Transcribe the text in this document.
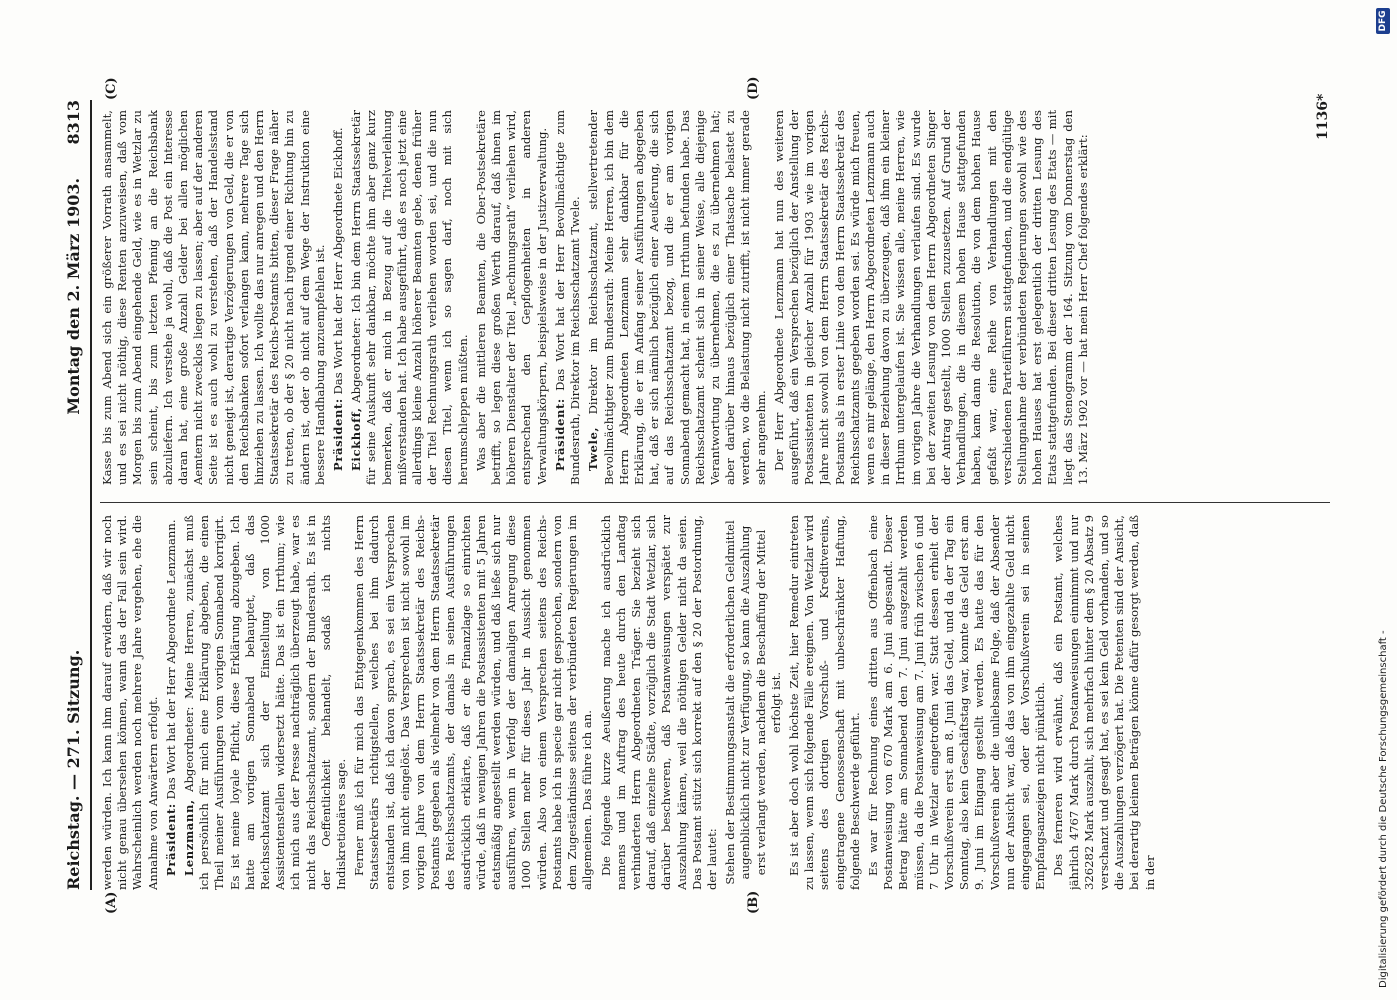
Reichstag. — 271. Sitzung.
Montag den 2. März 1903.      8313
(A)	(B)
(C)	(D)

werden würden. Ich kann ihm darauf erwidern, daß wir noch nicht genau übersehen können, wann das der Fall sein wird. Wahrscheinlich werden noch mehrere Jahre vergehen, ehe die Annahme von Anwärtern erfolgt. Präsident: Das Wort hat der Herr Abgeordnete Lenzmann.

Lenzmann, Abgeordneter: Meine Herren, zunächst muß ich persönlich für mich eine Erklärung abgeben, die einen Theil meiner Ausführungen vom vorigen Sonnabend korrigirt. Es ist meine loyale Pflicht, diese Erklärung abzugeben. Ich hatte am vorigen Sonnabend behauptet, daß das Reichsschatzamt sich der Einstellung von 1000 Assistentenstellen widersetzt hätte. Das ist ein Irrthum; wie ich mich aus der Presse nachträglich überzeugt habe, war es nicht das Reichsschatzamt, sondern der Bundesrath. Es ist in der Oeffentlichkeit behandelt, sodaß ich nichts Indiskretionäres sage. Ferner muß ich für mich das Entgegenkommen des Herrn Staatssekretärs richtigstellen, welches bei ihm dadurch entstanden ist, daß ich davon sprach, es sei ein Versprechen von ihm nicht eingelöst. Das Versprechen ist nicht sowohl im vorigen Jahre von dem Herrn Staatssekretär des Reichs-Postamts gegeben als vielmehr von dem Herrn Staatssekretär des Reichsschatzamts, der damals in seinen Ausführungen ausdrücklich erklärte, daß er die Finanzlage so einrichten würde, daß in wenigen Jahren die Postassistenten mit 5 Jahren etatsmäßig angestellt werden würden, und daß ließe sich nur ausführen, wenn in Verfolg der damaligen Anregung diese 1000 Stellen mehr für dieses Jahr in Aussicht genommen würden. Also von einem Versprechen seitens des Reichs-Postamts habe ich in specie gar nicht gesprochen, sondern von dem Zugeständnisse seitens der verbündeten Regierungen im allgemeinen. Das führe ich an. Die folgende kurze Aeußerung mache ich ausdrücklich namens und im Auftrag des heute durch den Landtag verhinderten Herrn Abgeordneten Träger. Sie bezieht sich darauf, daß einzelne Städte, vorzüglich die Stadt Wetzlar, sich darüber beschweren, daß Postanweisungen verspätet zur Auszahlung kämen, weil die nöthigen Gelder nicht da seien. Das Postamt stützt sich korrekt auf den § 20 der Postordnung, der lautet: Stehen der Bestimmungsanstalt die erforderlichen Geldmittel augenblicklich nicht zur Verfügung, so kann die Auszahlung erst verlangt werden, nachdem die Beschaffung der Mittel erfolgt ist. Es ist aber doch wohl höchste Zeit, hier Remedur eintreten zu lassen, wenn sich folgende Fälle ereignen. Von Wetzlar wird seitens des dortigen Vorschuß- und Kreditvereins, eingetragene Genossenschaft mit unbeschränkter Haftung, folgende Beschwerde geführt. Es war für Rechnung eines dritten aus Offenbach eine Postanweisung von 670 Mark am 6. Juni abgesandt. Dieser Betrag hätte am Sonnabend den 7. Juni ausgezahlt werden müssen, da die Postanweisung am 7. Juni früh zwischen 6 und 7 Uhr in Wetzlar eingetroffen war. Statt dessen erhielt der Vorschußverein erst am 8. Juni das Geld, und da der Tag ein Sonntag, also kein Geschäftstag war, konnte das Geld erst am 9. Juni im Eingang gestellt werden. Es hatte das für den Vorschußverein aber die unliebsame Folge, daß der Absender nun der Ansicht war, daß das von ihm eingezahlte Geld nicht eingegangen sei, oder der Vorschußverein sei in seinen Empfangsanzeigen nicht pünktlich. Des ferneren wird erwähnt, daß ein Postamt, welches jährlich 4767 Mark durch Postanweisungen einnimmt und nur 326282 Mark auszahlt, sich mehrfach hinter dem § 20 Absatz 9 verschanzt und gesagt hat, es sei kein Geld vorhanden, und so die Auszahlungen verzögert hat. Die Petenten sind der Ansicht, bei derartig kleinen Beträgen könne dafür gesorgt werden, daß in der

Kasse bis zum Abend sich ein größerer Vorrath ansammelt, und es sei nicht nöthig, diese Renten anzuweisen, daß vom Morgen bis zum Abend eingehende Geld, wie es in Wetzlar zu sein scheint, bis zum letzten Pfennig an die Reichsbank abzuliefern. Ich verstehe ja wohl, daß die Post ein Interesse daran hat, eine große Anzahl Gelder bei allen möglichen Aemtern nicht zwecklos liegen zu lassen; aber auf der anderen Seite ist es auch wohl zu verstehen, daß der Handelsstand nicht geneigt ist, derartige Verzögerungen von Geld, die er von den Reichsbanken sofort verlangen kann, mehrere Tage sich hinziehen zu lassen. Ich wollte das nur anregen und den Herrn Staatssekretär des Reichs-Postamts bitten, dieser Frage näher zu treten, ob der § 20 nicht nach irgend einer Richtung hin zu ändern ist, oder ob nicht auf dem Wege der Instruktion eine bessere Handhabung anzuempfehlen ist. Präsident: Das Wort hat der Herr Abgeordnete Eickhoff.

Eickhoff, Abgeordneter: Ich bin dem Herrn Staatssekretär für seine Auskunft sehr dankbar, möchte ihm aber ganz kurz bemerken, daß er mich in Bezug auf die Titelverleihung mißverstanden hat. Ich habe ausgeführt, daß es noch jetzt eine allerdings kleine Anzahl höherer Beamten gebe, denen früher der Titel Rechnungsrath verliehen worden sei, und die nun diesen Titel, wenn ich so sagen darf, noch mit sich herumschleppen müßten. Was aber die mittleren Beamten, die Ober-Postsekretäre betrifft, so legen diese großen Werth darauf, daß ihnen im höheren Dienstalter der Titel „Rechnungsrath“ verliehen wird, entsprechend den Gepflogenheiten in anderen Verwaltungskörpern, beispielsweise in der Justizverwaltung. Präsident: Das Wort hat der Herr Bevollmächtigte zum Bundesrath, Direktor im Reichsschatzamt Twele. Twele, Direktor im Reichsschatzamt, stellvertretender Bevollmächtigter zum Bundesrath: Meine Herren, ich bin dem Herrn Abgeordneten Lenzmann sehr dankbar für die Erklärung, die er im Anfang seiner Ausführungen abgegeben hat, daß er sich nämlich bezüglich einer Aeußerung, die sich auf das Reichsschatzamt bezog, und die er am vorigen Sonnabend gemacht hat, in einem Irrthum befunden habe. Das Reichsschatzamt scheint sich in seiner Weise, alle diejenige Verantwortung zu übernehmen, die es zu übernehmen hat; aber darüber hinaus bezüglich einer Thatsache belastet zu werden, wo die Belastung nicht zutrifft, ist nicht immer gerade sehr angenehm. Der Herr Abgeordnete Lenzmann hat nun des weiteren ausgeführt, daß ein Versprechen bezüglich der Anstellung der Postassistenten in gleicher Anzahl für 1903 wie im vorigen Jahre nicht sowohl von dem Herrn Staatssekretär des Reichs-Postamts als in erster Linie von dem Herrn Staatssekretär des Reichsschatzamts gegeben worden sei. Es würde mich freuen, wenn es mir gelänge, den Herrn Abgeordneten Lenzmann auch in dieser Beziehung davon zu überzeugen, daß ihm ein kleiner Irrthum untergelaufen ist. Sie wissen alle, meine Herren, wie im vorigen Jahre die Verhandlungen verlaufen sind. Es wurde bei der zweiten Lesung von dem Herrn Abgeordneten Singer der Antrag gestellt, 1000 Stellen zuzusetzen. Auf Grund der Verhandlungen, die in diesem hohen Hause stattgefunden haben, kam dann die Resolution, die von dem hohen Hause gefaßt war, eine Reihe von Verhandlungen mit den verschiedenen Parteiführern stattgefunden, und die endgültige Stellungnahme der verbündeten Regierungen sowohl wie des hohen Hauses hat erst gelegentlich der dritten Lesung des Etats stattgefunden. Bei dieser dritten Lesung des Etats — mit liegt das Stenogramm der 164. Sitzung vom Donnerstag den 13. März 1902 vor — hat mein Herr Chef folgendes erklärt:

1136*
Digitalisierung gefördert durch die Deutsche Forschungsgemeinschaft -
DFG
